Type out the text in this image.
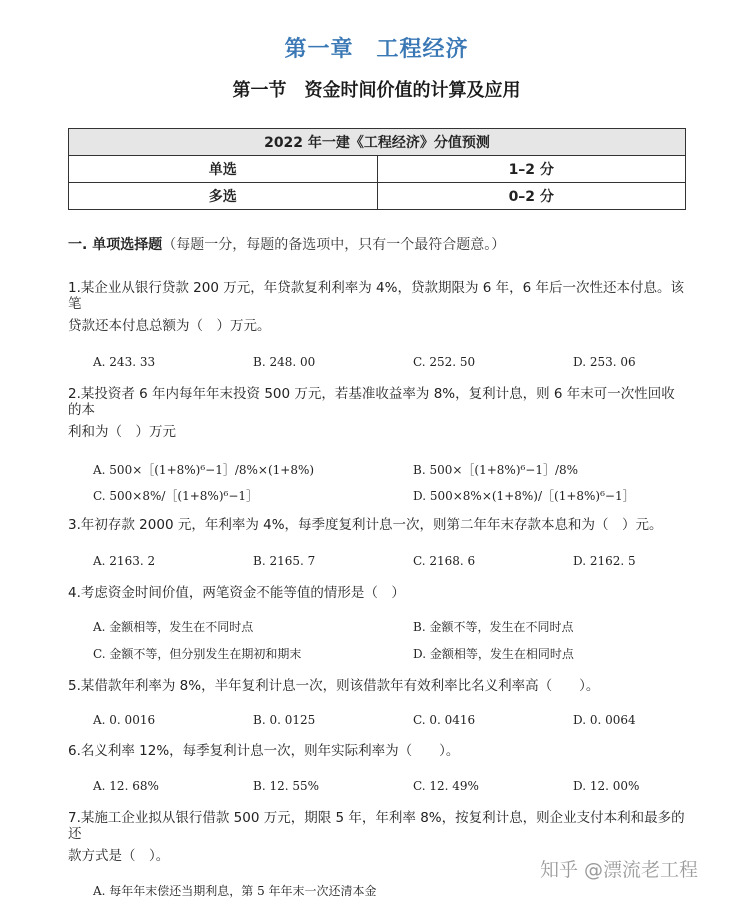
第一章　工程经济
第一节　资金时间价值的计算及应用
2022 年一建《工程经济》分值预测	
单选	1–2 分
多选	0–2 分
一. 单项选择题（每题一分，每题的备选项中，只有一个最符合题意。）
1.某企业从银行贷款 200 万元，年贷款复利利率为 4%，贷款期限为 6 年，6 年后一次性还本付息。该笔
贷款还本付息总额为（　）万元。
A. 243. 33	B. 248. 00	C. 252. 50	D. 253. 06
2.某投资者 6 年内每年年末投资 500 万元，若基准收益率为 8%，复利计息，则 6 年末可一次性回收的本
利和为（　）万元
A. 500×［(1+8%)⁶−1］/8%×(1+8%)	B. 500×［(1+8%)⁶−1］/8%
C. 500×8%/［(1+8%)⁶−1］	D. 500×8%×(1+8%)/［(1+8%)⁶−1］
3.年初存款 2000 元，年利率为 4%，每季度复利计息一次，则第二年年末存款本息和为（　）元。
A. 2163. 2	B. 2165. 7	C. 2168. 6	D. 2162. 5
4.考虑资金时间价值，两笔资金不能等值的情形是（　）
A. 金额相等，发生在不同时点	B. 金额不等，发生在不同时点
C. 金额不等，但分别发生在期初和期末	D. 金额相等，发生在相同时点
5.某借款年利率为 8%，半年复利计息一次，则该借款年有效利率比名义利率高（　　）。
A. 0. 0016	B. 0. 0125	C. 0. 0416	D. 0. 0064
6.名义利率 12%，每季复利计息一次，则年实际利率为（　　）。
A. 12. 68%	B. 12. 55%	C. 12. 49%	D. 12. 00%
7.某施工企业拟从银行借款 500 万元，期限 5 年，年利率 8%，按复利计息，则企业支付本利和最多的还
款方式是（　）。
A. 每年年末偿还当期利息，第 5 年年末一次还清本金
知乎 @漂流老工程
